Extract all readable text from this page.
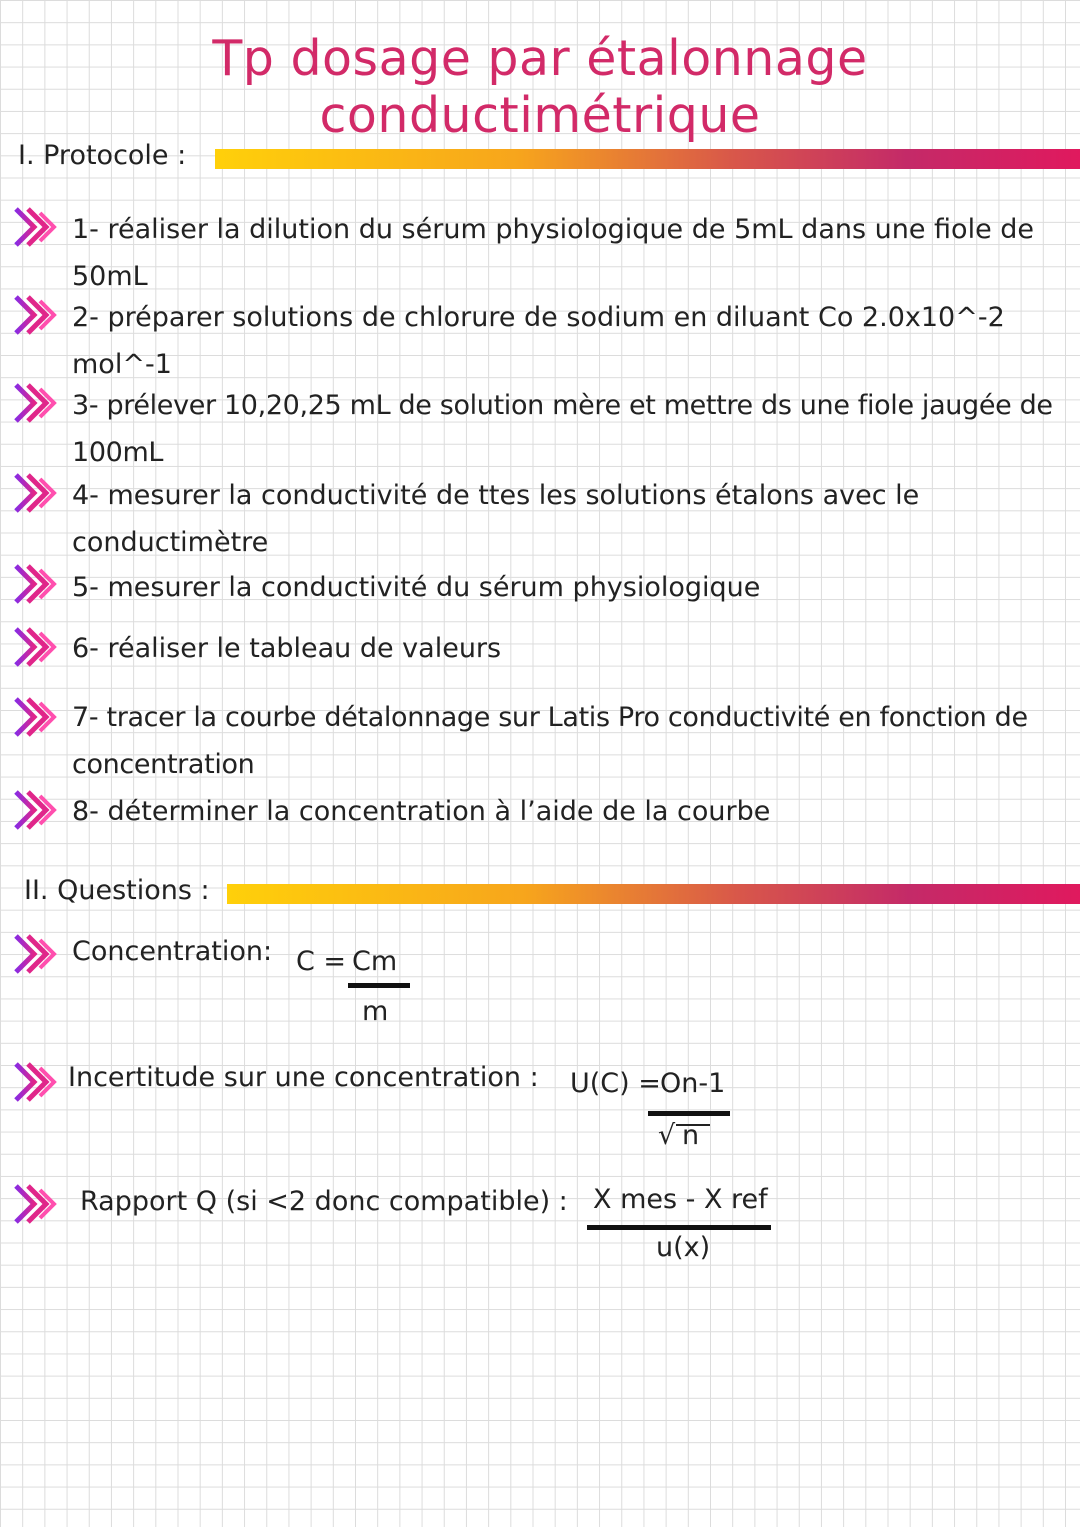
Tp dosage par étalonnage conductimétrique
I. Protocole :
1- réaliser la dilution du sérum physiologique de 5mL dans une fiole de
50mL
2- préparer solutions de chlorure de sodium en diluant Co 2.0x10^-2
mol^-1
3- prélever 10,20,25 mL de solution mère et mettre ds une fiole jaugée de
100mL
4- mesurer la conductivité de ttes les solutions étalons avec le
conductimètre
5- mesurer la conductivité du sérum physiologique
6- réaliser le tableau de valeurs
7- tracer la courbe détalonnage sur Latis Pro conductivité en fonction de
concentration
8- déterminer la concentration à l’aide de la courbe
II. Questions :
Concentration: C = Cm
m
Incertitude sur une concentration : U(C) = On-1
√ n
Rapport Q (si <2 donc compatible) : X mes - X ref
u(x)
